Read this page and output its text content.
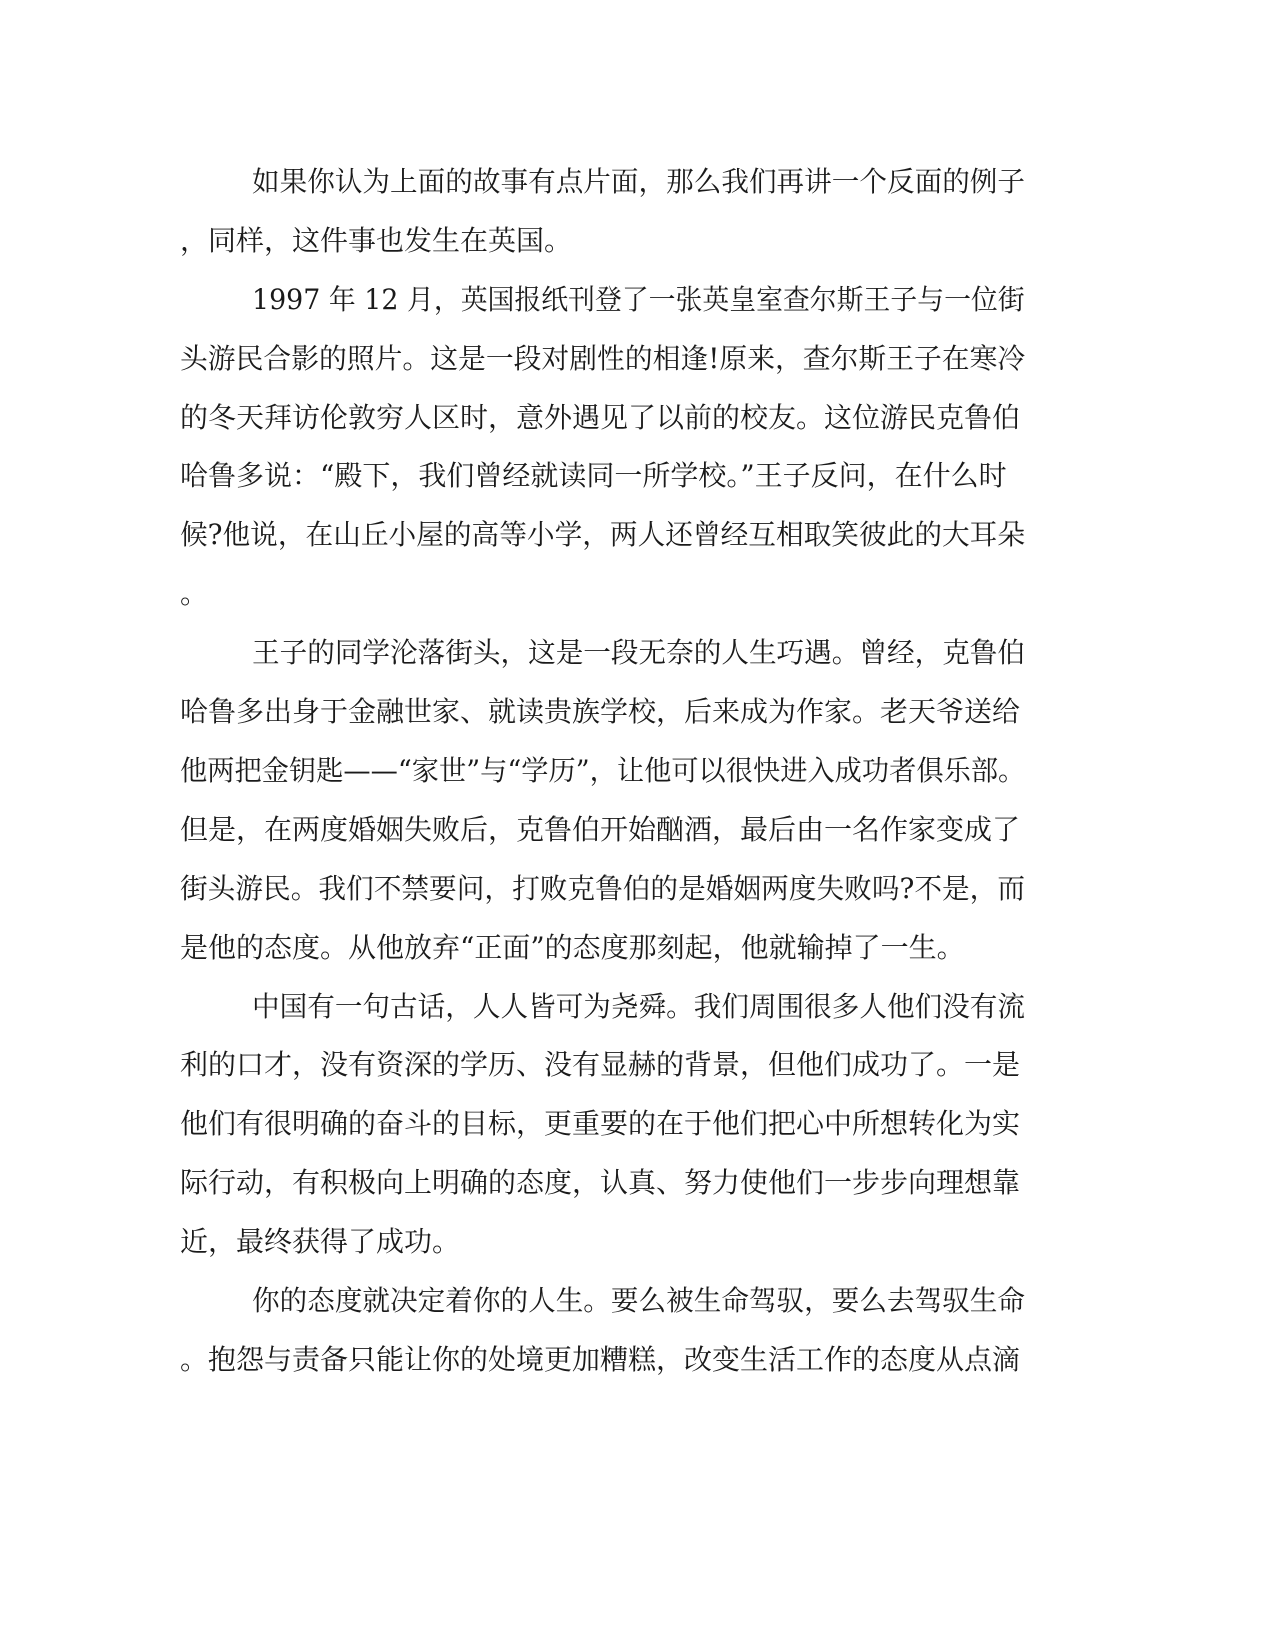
如果你认为上面的故事有点片面，那么我们再讲一个反面的例子
，同样，这件事也发生在英国。
1997 年 12 月，英国报纸刊登了一张英皇室查尔斯王子与一位街
头游民合影的照片。这是一段对剧性的相逢!原来，查尔斯王子在寒冷
的冬天拜访伦敦穷人区时，意外遇见了以前的校友。这位游民克鲁伯
哈鲁多说：“殿下，我们曾经就读同一所学校。”王子反问，在什么时
候?他说，在山丘小屋的高等小学，两人还曾经互相取笑彼此的大耳朵
。
王子的同学沦落街头，这是一段无奈的人生巧遇。曾经，克鲁伯
哈鲁多出身于金融世家、就读贵族学校，后来成为作家。老天爷送给
他两把金钥匙——“家世”与“学历”，让他可以很快进入成功者俱乐部。
但是，在两度婚姻失败后，克鲁伯开始酗酒，最后由一名作家变成了
街头游民。我们不禁要问，打败克鲁伯的是婚姻两度失败吗?不是，而
是他的态度。从他放弃“正面”的态度那刻起，他就输掉了一生。
中国有一句古话，人人皆可为尧舜。我们周围很多人他们没有流
利的口才，没有资深的学历、没有显赫的背景，但他们成功了。一是
他们有很明确的奋斗的目标，更重要的在于他们把心中所想转化为实
际行动，有积极向上明确的态度，认真、努力使他们一步步向理想靠
近，最终获得了成功。
你的态度就决定着你的人生。要么被生命驾驭，要么去驾驭生命
。抱怨与责备只能让你的处境更加糟糕，改变生活工作的态度从点滴
